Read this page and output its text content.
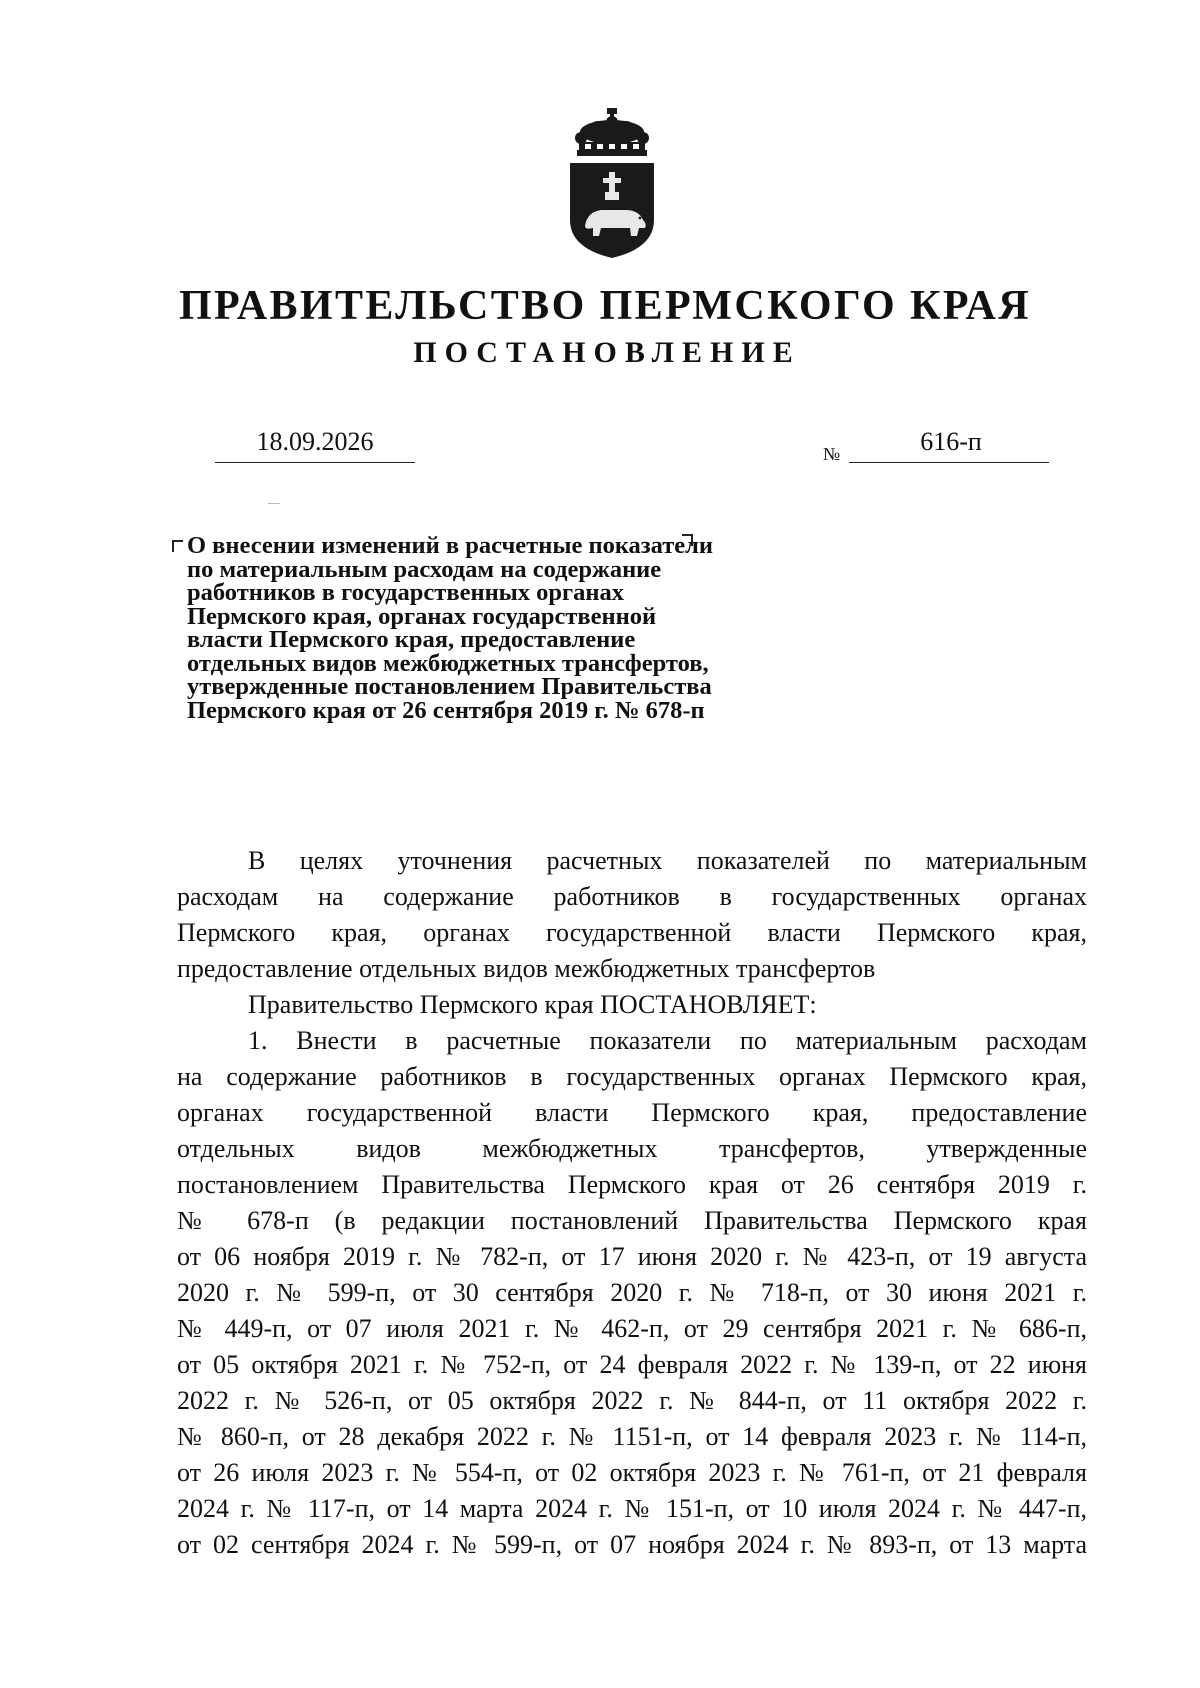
ПРАВИТЕЛЬСТВО ПЕРМСКОГО КРАЯ
ПОСТАНОВЛЕНИЕ
18.09.2026	№	616-п
О внесении изменений в расчетные показатели
по материальным расходам на содержание
работников в государственных органах
Пермского края, органах государственной
власти Пермского края, предоставление
отдельных видов межбюджетных трансфертов,
утвержденные постановлением Правительства
Пермского края от 26 сентября 2019 г. № 678-п

В целях уточнения расчетных показателей по материальным

расходам на содержание работников в государственных органах

Пермского края, органах государственной власти Пермского края,

предоставление отдельных видов межбюджетных трансфертов

Правительство Пермского края ПОСТАНОВЛЯЕТ:

1. Внести в расчетные показатели по материальным расходам

на содержание работников в государственных органах Пермского края,

органах государственной власти Пермского края, предоставление

отдельных видов межбюджетных трансфертов, утвержденные

постановлением Правительства Пермского края от 26 сентября 2019 г.

№ 678-п (в редакции постановлений Правительства Пермского края

от 06 ноября 2019 г. № 782-п, от 17 июня 2020 г. № 423-п, от 19 августа

2020 г. № 599-п, от 30 сентября 2020 г. № 718-п, от 30 июня 2021 г.

№ 449-п, от 07 июля 2021 г. № 462-п, от 29 сентября 2021 г. № 686-п,

от 05 октября 2021 г. № 752-п, от 24 февраля 2022 г. № 139-п, от 22 июня

2022 г. № 526-п, от 05 октября 2022 г. № 844-п, от 11 октября 2022 г.

№ 860-п, от 28 декабря 2022 г. № 1151-п, от 14 февраля 2023 г. № 114-п,

от 26 июля 2023 г. № 554-п, от 02 октября 2023 г. № 761-п, от 21 февраля

2024 г. № 117-п, от 14 марта 2024 г. № 151-п, от 10 июля 2024 г. № 447-п,

от 02 сентября 2024 г. № 599-п, от 07 ноября 2024 г. № 893-п, от 13 марта
